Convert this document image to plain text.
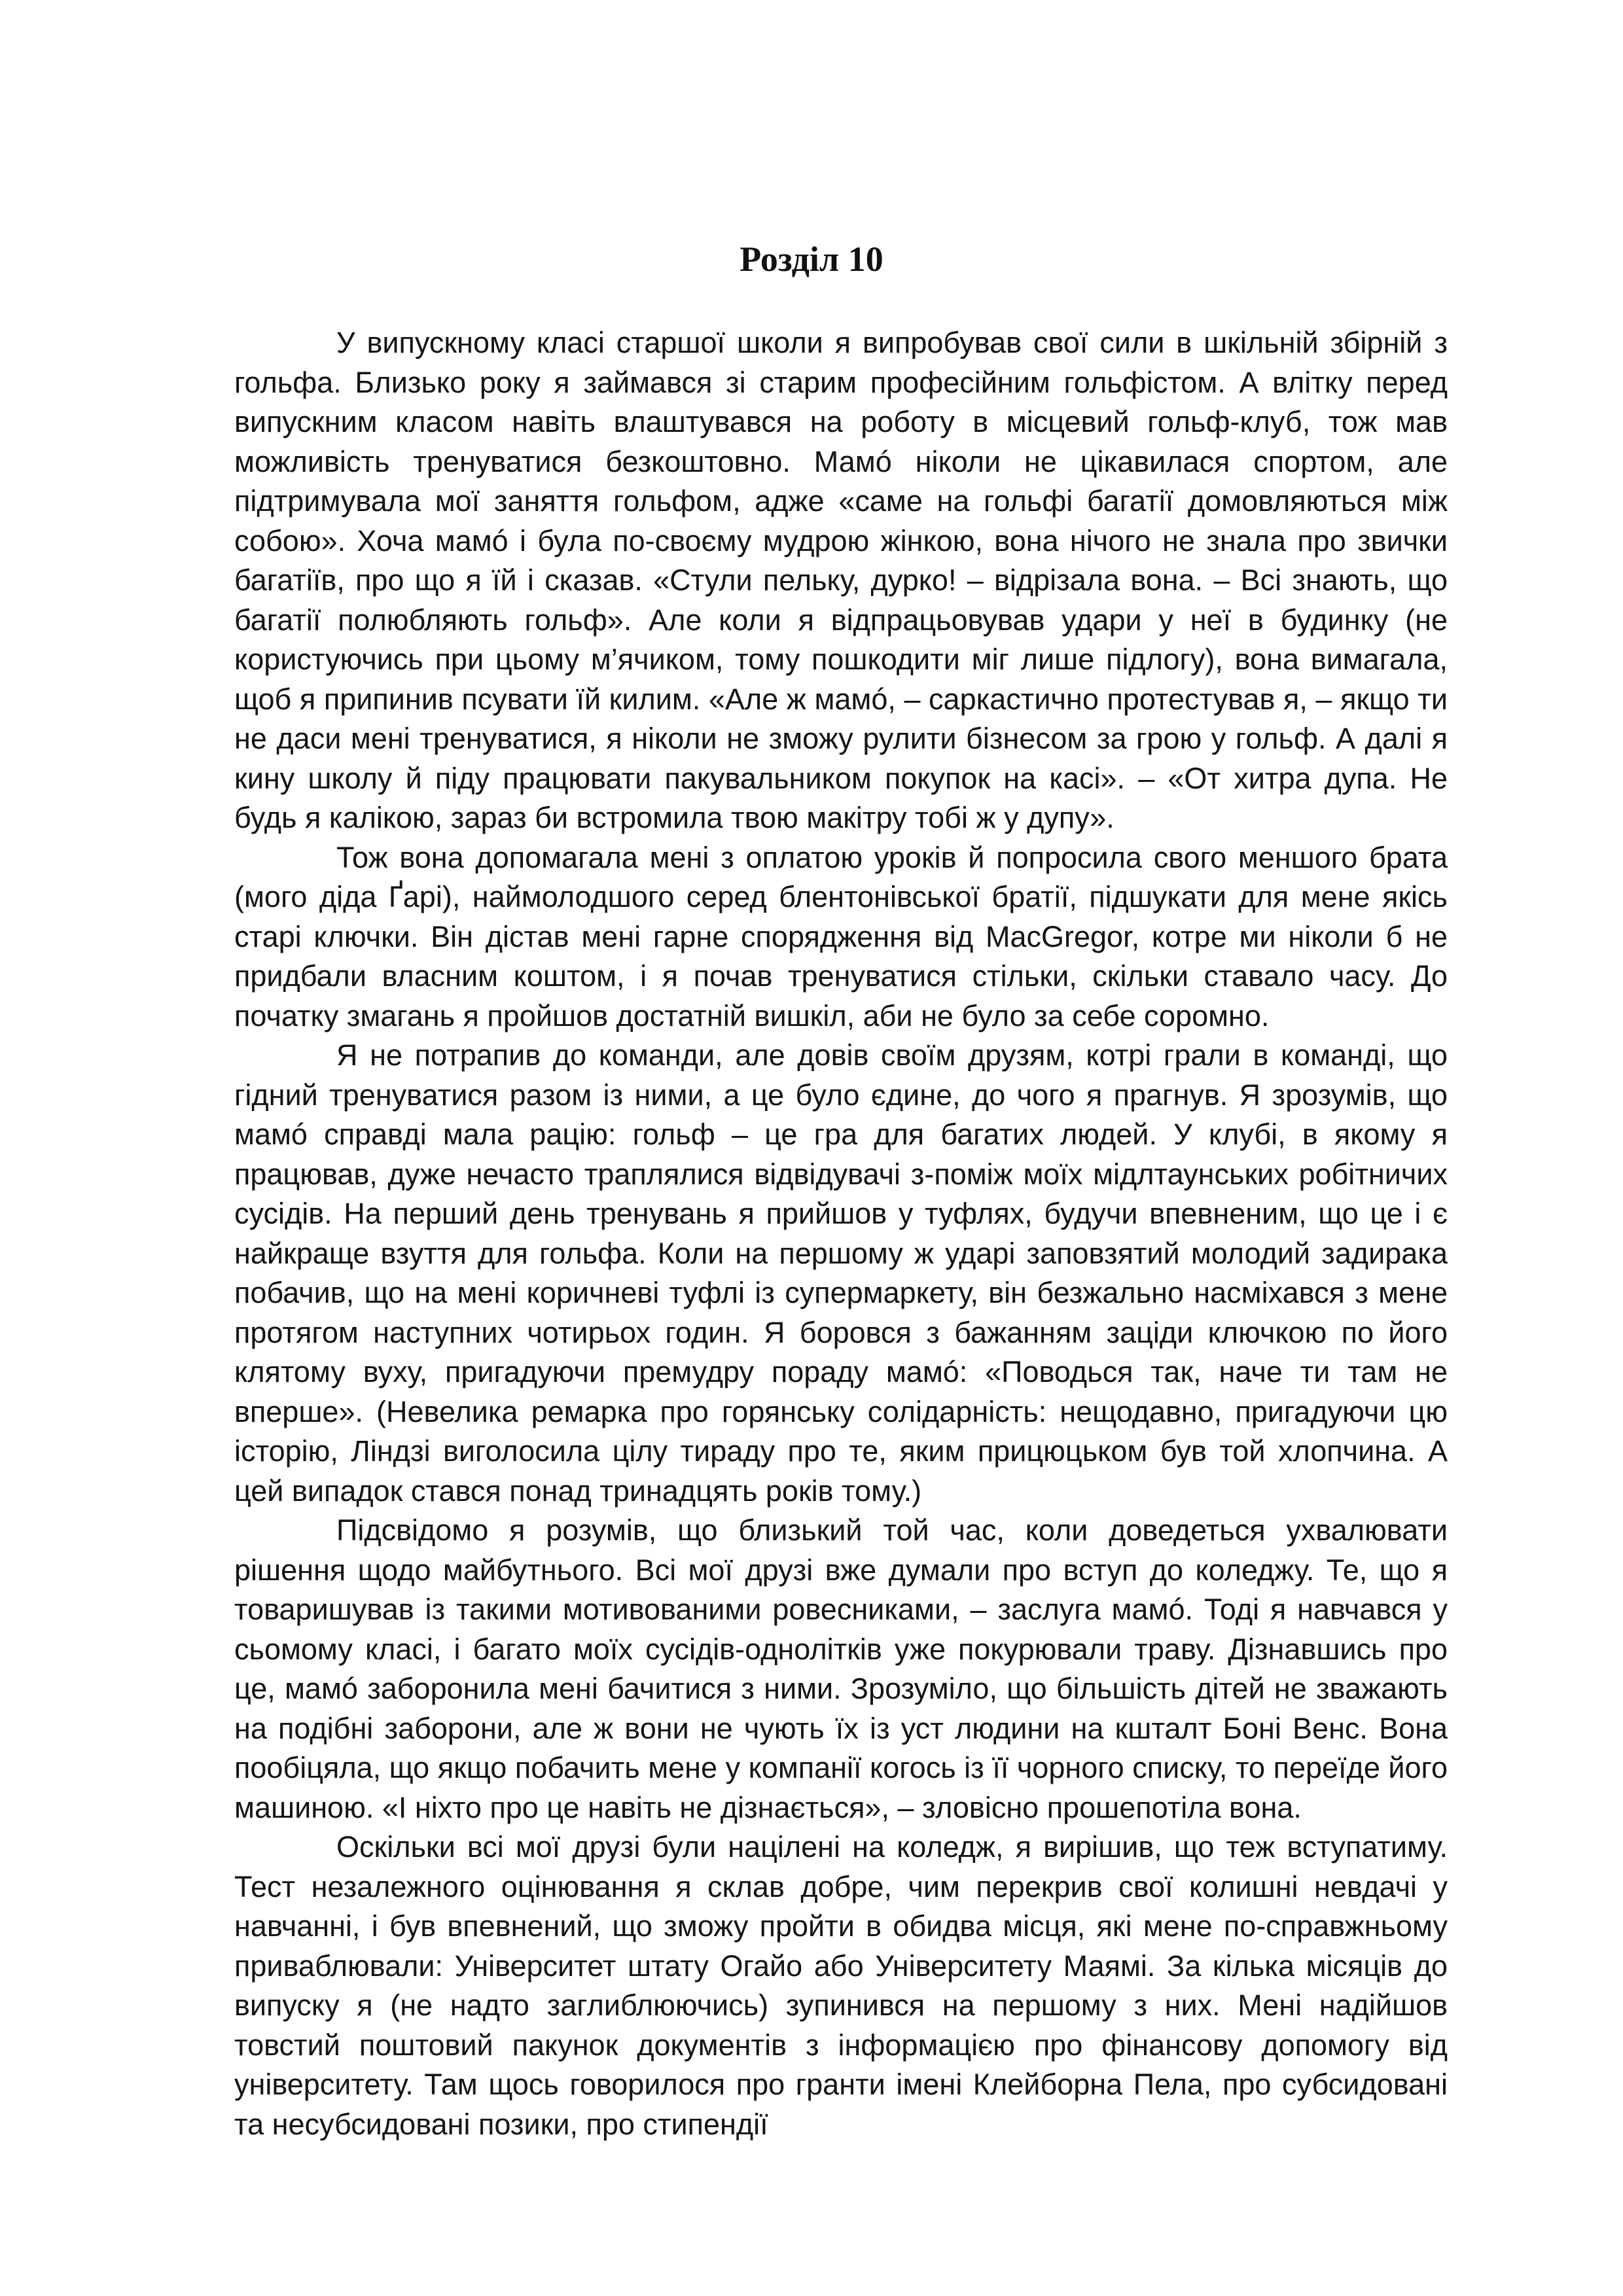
Розділ 10

У випускному класі старшої школи я випробував свої сили в шкільній збірній з гольфа. Близько року я займався зі старим професійним гольфістом. А влітку перед випускним класом навіть влаштувався на роботу в місцевий гольф-клуб, тож мав можливість тренуватися безкоштовно. Мамó ніколи не цікавилася спортом, але підтримувала мої заняття гольфом, адже «саме на гольфі багатії домовляються між собою». Хоча мамó і була по-своєму мудрою жінкою, вона нічого не знала про звички багатіїв, про що я їй і сказав. «Стули пельку, дурко! – відрізала вона. – Всі знають, що багатії полюбляють гольф». Але коли я відпрацьовував удари у неї в будинку (не користуючись при цьому м’ячиком, тому пошкодити міг лише підлогу), вона вимагала, щоб я припинив псувати їй килим. «Але ж мамó, – саркастично протестував я, – якщо ти не даси мені тренуватися, я ніколи не зможу рулити бізнесом за грою у гольф. А далі я кину школу й піду працювати пакувальником покупок на касі». – «От хитра дупа. Не будь я калікою, зараз би встромила твою макітру тобі ж у дупу».

Тож вона допомагала мені з оплатою уроків й попросила свого меншого брата (мого діда Ґарі), наймолодшого серед блентонівської братії, підшукати для мене якісь старі ключки. Він дістав мені гарне спорядження від MacGregor, котре ми ніколи б не придбали власним коштом, і я почав тренуватися стільки, скільки ставало часу. До початку змагань я пройшов достатній вишкіл, аби не було за себе соромно.

Я не потрапив до команди, але довів своїм друзям, котрі грали в команді, що гідний тренуватися разом із ними, а це було єдине, до чого я прагнув. Я зрозумів, що мамó справді мала рацію: гольф – це гра для багатих людей. У клубі, в якому я працював, дуже нечасто траплялися відвідувачі з-поміж моїх мідлтаунських робітничих сусідів. На перший день тренувань я прийшов у туфлях, будучи впевненим, що це і є найкраще взуття для гольфа. Коли на першому ж ударі заповзятий молодий задирака побачив, що на мені коричневі туфлі із супермаркету, він безжально насміхався з мене протягом наступних чотирьох годин. Я боровся з бажанням заціди ключкою по його клятому вуху, пригадуючи премудру пораду мамó: «Поводься так, наче ти там не вперше». (Невелика ремарка про горянську солідарність: нещодавно, пригадуючи цю історію, Ліндзі виголосила цілу тираду про те, яким прицюцьком був той хлопчина. А цей випадок стався понад тринадцять років тому.)

Підсвідомо я розумів, що близький той час, коли доведеться ухвалювати рішення щодо майбутнього. Всі мої друзі вже думали про вступ до коледжу. Те, що я товаришував із такими мотивованими ровесниками, – заслуга мамó. Тоді я навчався у сьомому класі, і багато моїх сусідів-однолітків уже покурювали траву. Дізнавшись про це, мамó заборонила мені бачитися з ними. Зрозуміло, що більшість дітей не зважають на подібні заборони, але ж вони не чують їх із уст людини на кшталт Боні Венс. Вона пообіцяла, що якщо побачить мене у компанії когось із її чорного списку, то переїде його машиною. «І ніхто про це навіть не дізнається», – зловісно прошепотіла вона.

Оскільки всі мої друзі були націлені на коледж, я вирішив, що теж вступатиму. Тест незалежного оцінювання я склав добре, чим перекрив свої колишні невдачі у навчанні, і був впевнений, що зможу пройти в обидва місця, які мене по-справжньому приваблювали: Університет штату Огайо або Університету Маямі. За кілька місяців до випуску я (не надто заглиблюючись) зупинився на першому з них. Мені надійшов товстий поштовий пакунок документів з інформацією про фінансову допомогу від університету. Там щось говорилося про гранти імені Клейборна Пела, про субсидовані та несубсидовані позики, про стипендії
